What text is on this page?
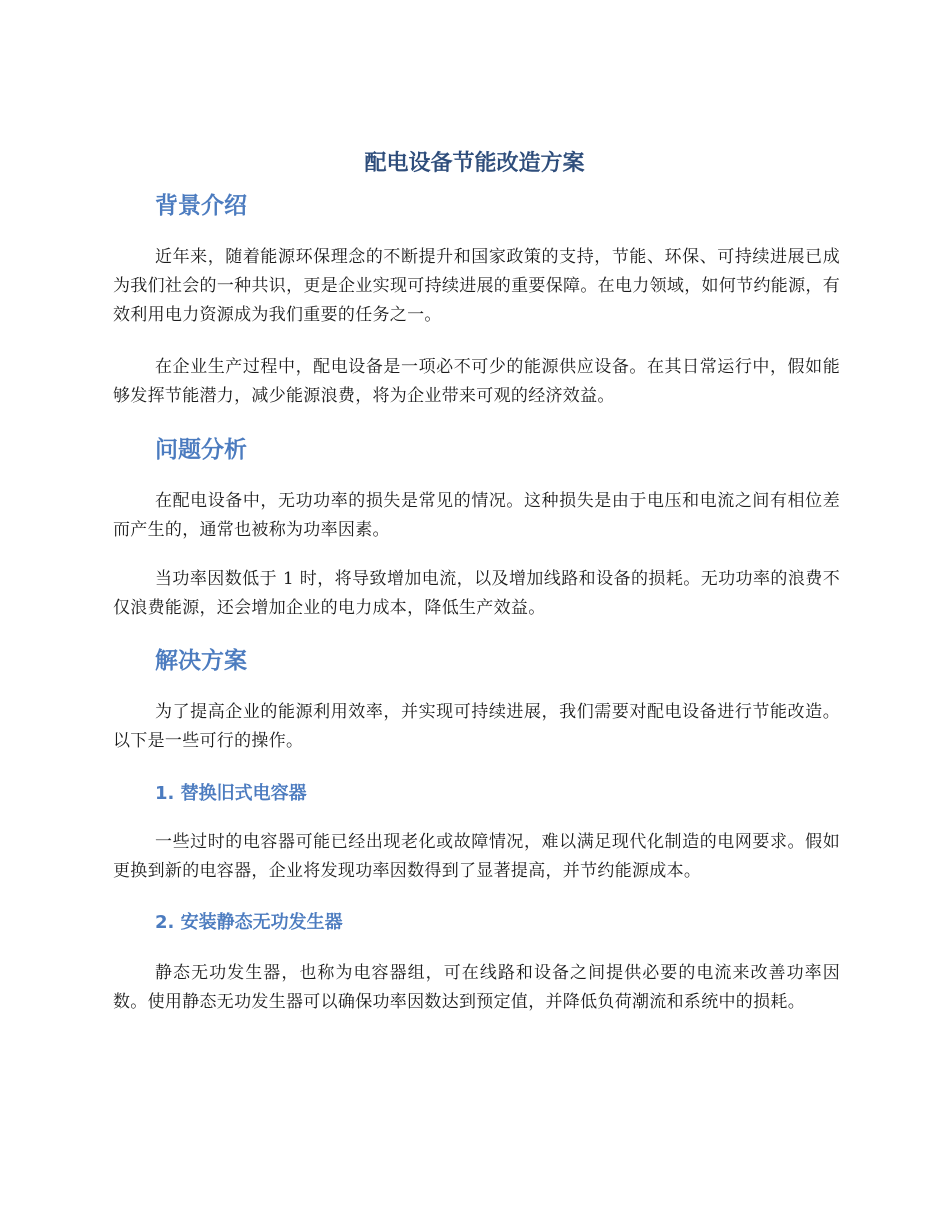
配电设备节能改造方案
背景介绍

近年来，随着能源环保理念的不断提升和国家政策的支持，节能、环保、可持续进展已成为我们社会的一种共识，更是企业实现可持续进展的重要保障。在电力领域，如何节约能源，有效利用电力资源成为我们重要的任务之一。

在企业生产过程中，配电设备是一项必不可少的能源供应设备。在其日常运行中，假如能够发挥节能潜力，减少能源浪费，将为企业带来可观的经济效益。

问题分析

在配电设备中，无功功率的损失是常见的情况。这种损失是由于电压和电流之间有相位差而产生的，通常也被称为功率因素。

当功率因数低于 1 时，将导致增加电流，以及增加线路和设备的损耗。无功功率的浪费不仅浪费能源，还会增加企业的电力成本，降低生产效益。

解决方案

为了提高企业的能源利用效率，并实现可持续进展，我们需要对配电设备进行节能改造。以下是一些可行的操作。

1. 替换旧式电容器

一些过时的电容器可能已经出现老化或故障情况，难以满足现代化制造的电网要求。假如更换到新的电容器，企业将发现功率因数得到了显著提高，并节约能源成本。

2. 安装静态无功发生器

静态无功发生器，也称为电容器组，可在线路和设备之间提供必要的电流来改善功率因数。使用静态无功发生器可以确保功率因数达到预定值，并降低负荷潮流和系统中的损耗。
